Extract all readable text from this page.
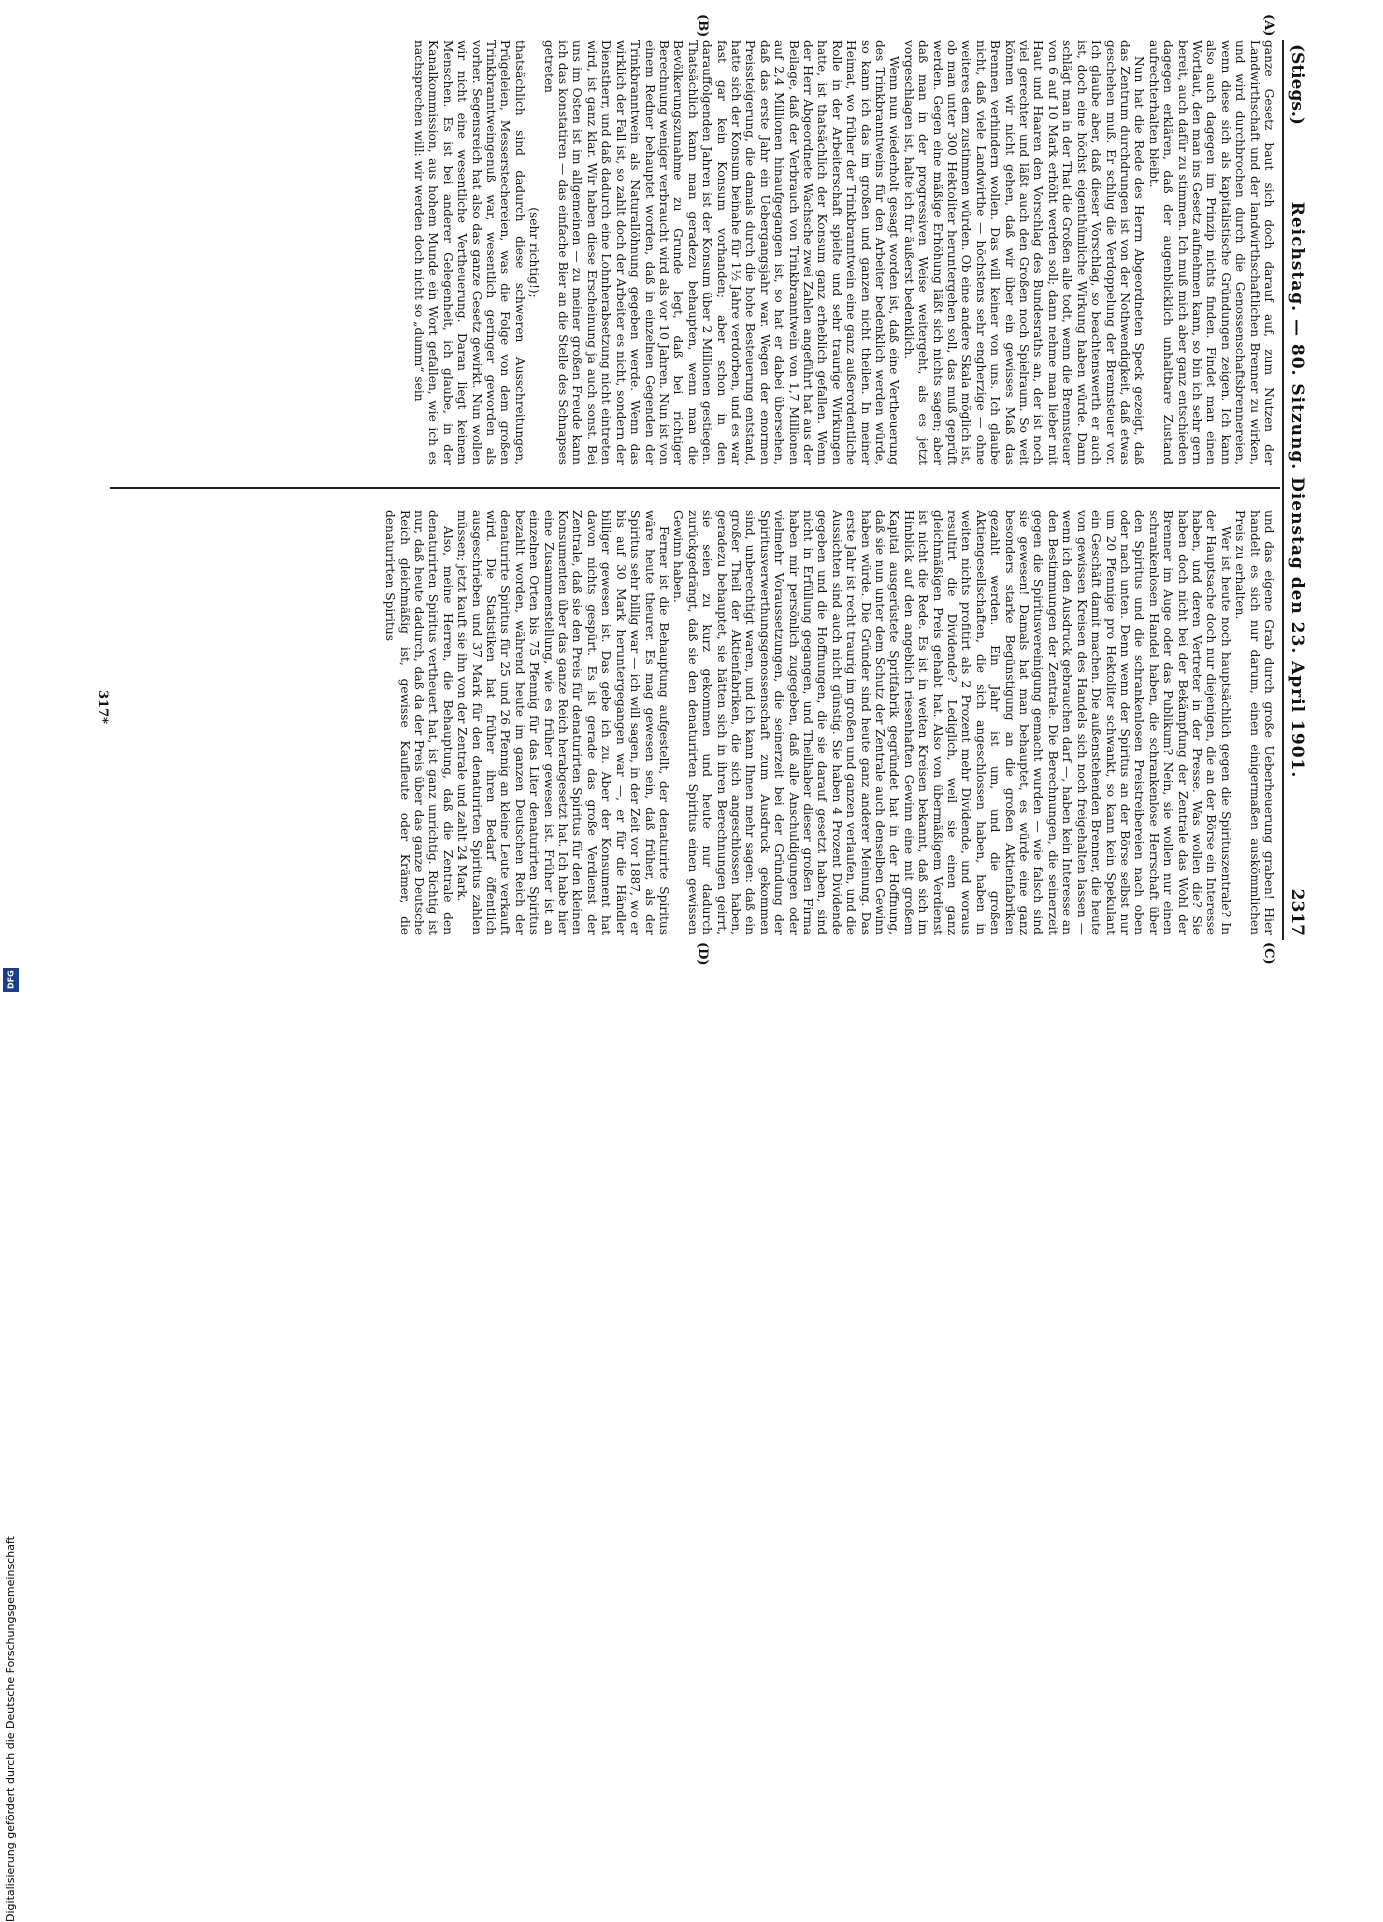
Digitalisierung gefördert durch die Deutsche Forschungsgemeinschaft
DFG
(Stiegs.)
Reichstag. — 80. Sitzung. Dienstag den 23. April 1901.
2317
(A)
(B)
(C)
(D)

ganze Gesetz baut sich doch darauf auf, zum Nutzen der Landwirthschaft und der landwirthschaftlichen Brenner zu wirken, und wird durchbrochen durch die Genossenschaftsbrennereien, wenn diese sich als kapitalistische Gründungen zeigen. Ich kann also auch dagegen im Prinzip nichts finden. Findet man einen Wortlaut, den man ins Gesetz aufnehmen kann, so bin ich sehr gern bereit, auch dafür zu stimmen. Ich muß mich aber ganz entschieden dagegen erklären, daß der augenblicklich unhaltbare Zustand aufrechterhalten bleibt.

Nun hat die Rede des Herrn Abgeordneten Speck gezeigt, daß das Zentrum durchdrungen ist von der Nothwendigkeit, daß etwas geschehen muß. Er schlug die Verdoppelung der Brennsteuer vor. Ich glaube aber, daß dieser Vorschlag, so beachtenswerth er auch ist, doch eine höchst eigenthümliche Wirkung haben würde. Dann schlägt man in der That die Großen alle todt, wenn die Brennsteuer von 6 auf 10 Mark erhöht werden soll; dann nehme man lieber mit Haut und Haaren den Vorschlag des Bundesraths an, der ist noch viel gerechter und läßt auch den Großen noch Spielraum. So weit können wir nicht gehen, daß wir über ein gewisses Maß das Brennen verhindern wollen. Das will keiner von uns. Ich glaube nicht, daß viele Landwirthe — höchstens sehr engherzige — ohne weiteres dem zustimmen würden. Ob eine andere Skala möglich ist, ob man unter 300 Hektoliter heruntergehen soll, das muß geprüft werden. Gegen eine mäßige Erhöhung läßt sich nichts sagen; aber daß man in der progressiven Weise weitergeht, als es jetzt vorgeschlagen ist, halte ich für äußerst bedenklich.

Wenn nun wiederholt gesagt worden ist, daß eine Vertheuerung des Trinkbranntweins für den Arbeiter bedenklich werden würde, so kann ich das im großen und ganzen nicht theilen. In meiner Heimat, wo früher der Trinkbranntwein eine ganz außerordentliche Rolle in der Arbeiterschaft spielte und sehr traurige Wirkungen hatte, ist thatsächlich der Konsum ganz erheblich gefallen. Wenn der Herr Abgeordnete Wachsche zwei Zahlen angeführt hat aus der Beilage, daß der Verbrauch von Trinkbranntwein von 1,7 Millionen auf 2,4 Millionen hinaufgegangen ist, so hat er dabei übersehen, daß das erste Jahr ein Uebergangsjahr war. Wegen der enormen Preissteigerung, die damals durch die hohe Besteuerung entstand, hatte sich der Konsum beinahe für 1½ Jahre verdorben, und es war fast gar kein Konsum vorhanden; aber schon in den darauffolgenden Jahren ist der Konsum über 2 Millionen gestiegen. Thatsächlich kann man geradezu behaupten, wenn man die Bevölkerungszunahme zu Grunde legt, daß bei richtiger Berechnung weniger verbraucht wird als vor 10 Jahren. Nun ist von einem Redner behauptet worden, daß in einzelnen Gegenden der Trinkbranntwein als Naturallöhnung gegeben werde. Wenn das wirklich der Fall ist, so zahlt doch der Arbeiter es nicht, sondern der Dienstherr, und daß dadurch eine Lohnherabsetzung nicht eintreten wird, ist ganz klar. Wir haben diese Erscheinung ja auch sonst. Bei uns im Osten ist im allgemeinen — zu meiner großen Freude kann ich das konstatiren — das einfache Bier an die Stelle des Schnapses getreten

(sehr richtig!);

thatsächlich sind dadurch diese schweren Ausschreitungen, Prügeleien, Messerstechereien, was die Folge von dem großen Trinkbranntweingenuß war, wesentlich geringer geworden als vorher. Segensreich hat also das ganze Gesetz gewirkt. Nun wollen wir nicht eine wesentliche Vertheuerung. Daran liegt keinem Menschen. Es ist bei anderer Gelegenheit, ich glaube, in der Kanalkommission, aus hohem Munde ein Wort gefallen, wie ich es nachsprechen will: wir werden doch nicht so „dumm“ sein

und das eigene Grab durch große Ueberheuerung graben! Hier handelt es sich nur darum, einen einigermaßen auskömmlichen Preis zu erhalten.

Wer ist heute noch hauptsächlich gegen die Spirituszentrale? In der Hauptsache doch nur diejenigen, die an der Börse ein Interesse haben, und deren Vertreter in der Presse. Was wollen die? Sie haben doch nicht bei der Bekämpfung der Zentrale das Wohl der Brenner im Auge oder das Publikum? Nein, sie wollen nur einen schrankenlosen Handel haben, die schrankenlose Herrschaft über den Spiritus und die schrankenlosen Preistreibereien nach oben oder nach unten. Denn wenn der Spiritus an der Börse selbst nur um 20 Pfennige pro Hektoliter schwankt, so kann kein Spekulant ein Geschäft damit machen. Die außenstehenden Brenner, die heute von gewissen Kreisen des Handels sich noch freigehalten lassen — wenn ich den Ausdruck gebrauchen darf —, haben kein Interesse an den Bestimmungen der Zentrale. Die Berechnungen, die seinerzeit gegen die Spiritusvereinigung gemacht wurden — wie falsch sind sie gewesen! Damals hat man behauptet, es würde eine ganz besonders starke Begünstigung an die großen Aktienfabriken gezahlt werden. Ein Jahr ist um, und die großen Aktiengesellschaften, die sich angeschlossen haben, haben in weiten nichts profitirt als 2 Prozent mehr Dividende, und woraus resultirt die Dividende? Lediglich, weil sie einen ganz gleichmäßigen Preis gehabt hat. Also von übermäßigem Verdienst ist nicht die Rede. Es ist in weiten Kreisen bekannt, daß sich im Hinblick auf den angeblich riesenhaften Gewinn eine mit großem Kapital ausgerüstete Spritfabrik gegründet hat in der Hoffnung, daß sie nun unter dem Schutz der Zentrale auch denselben Gewinn haben würde. Die Gründer sind heute ganz anderer Meinung. Das erste Jahr ist recht traurig im großen und ganzen verlaufen, und die Aussichten sind auch nicht günstig. Sie haben 4 Prozent Dividende gegeben und die Hoffnungen, die sie darauf gesetzt haben, sind nicht in Erfüllung gegangen, und Theilhaber dieser großen Firma haben mir persönlich zugegeben, daß alle Anschuldigungen oder vielmehr Voraussetzungen, die seinerzeit bei der Gründung der Spiritusverwerthungsgenossenschaft zum Ausdruck gekommen sind, unberechtigt waren, und ich kann Ihnen mehr sagen: daß ein großer Theil der Aktienfabriken, die sich angeschlossen haben, geradezu behauptet, sie hätten sich in ihren Berechnungen geirrt, sie seien zu kurz gekommen und heute nur dadurch zurückgedrängt, daß sie den denaturirten Spiritus einen gewissen Gewinn haben.

Ferner ist die Behauptung aufgestellt, der denaturirte Spiritus wäre heute theurer. Es mag gewesen sein, daß früher, als der Spiritus sehr billig war — ich will sagen, in der Zeit vor 1887, wo er bis auf 30 Mark heruntergegangen war —, er für die Händler billiger gewesen ist. Das gebe ich zu. Aber der Konsument hat davon nichts gespürt. Es ist gerade das große Verdienst der Zentrale, daß sie den Preis für denaturirten Spiritus für den kleinen Konsumenten über das ganze Reich herabgesetzt hat. Ich habe hier eine Zusammenstellung, wie es früher gewesen ist. Früher ist an einzelnen Orten bis 75 Pfennig für das Liter denaturirten Spiritus bezahlt worden, während heute im ganzen Deutschen Reich der denaturirte Spiritus für 25 und 26 Pfennig an kleine Leute verkauft wird. Die Statistiken hat früher ihren Bedarf öffentlich ausgeschrieben und 37 Mark für den denaturirten Spiritus zahlen müssen; jetzt kauft sie ihn von der Zentrale und zahlt 24 Mark.

Also, meine Herren, die Behauptung, daß die Zentrale den denaturirten Spiritus vertheuert hat, ist ganz unrichtig. Richtig ist nur, daß heute dadurch, daß da der Preis über das ganze Deutsche Reich gleichmäßig ist, gewisse Kaufleute oder Krämer, die denaturirten Spiritus

317*
